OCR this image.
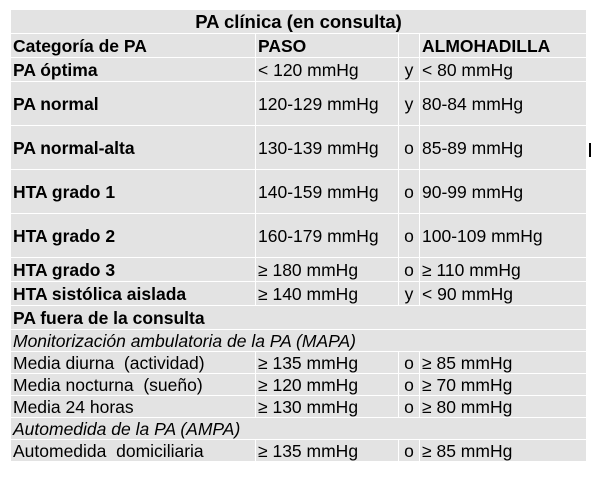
PA clínica (en consulta)			
Categoría de PA	PASO		ALMOHADILLA
PA óptima	< 120 mmHg	y	< 80 mmHg
PA normal	120-129 mmHg	y	80-84 mmHg
PA normal-alta	130-139 mmHg	o	85-89 mmHg
HTA grado 1	140-159 mmHg	o	90-99 mmHg
HTA grado 2	160-179 mmHg	o	100-109 mmHg
HTA grado 3	≥ 180 mmHg	o	≥ 110 mmHg
HTA sistólica aislada	≥ 140 mmHg	y	< 90 mmHg
PA fuera de la consulta			
Monitorización ambulatoria de la PA (MAPA)			
Media diurna  (actividad)	≥ 135 mmHg	o	≥ 85 mmHg
Media nocturna  (sueño)	≥ 120 mmHg	o	≥ 70 mmHg
Media 24 horas	≥ 130 mmHg	o	≥ 80 mmHg
Automedida de la PA (AMPA)			
Automedida  domiciliaria	≥ 135 mmHg	o	≥ 85 mmHg
